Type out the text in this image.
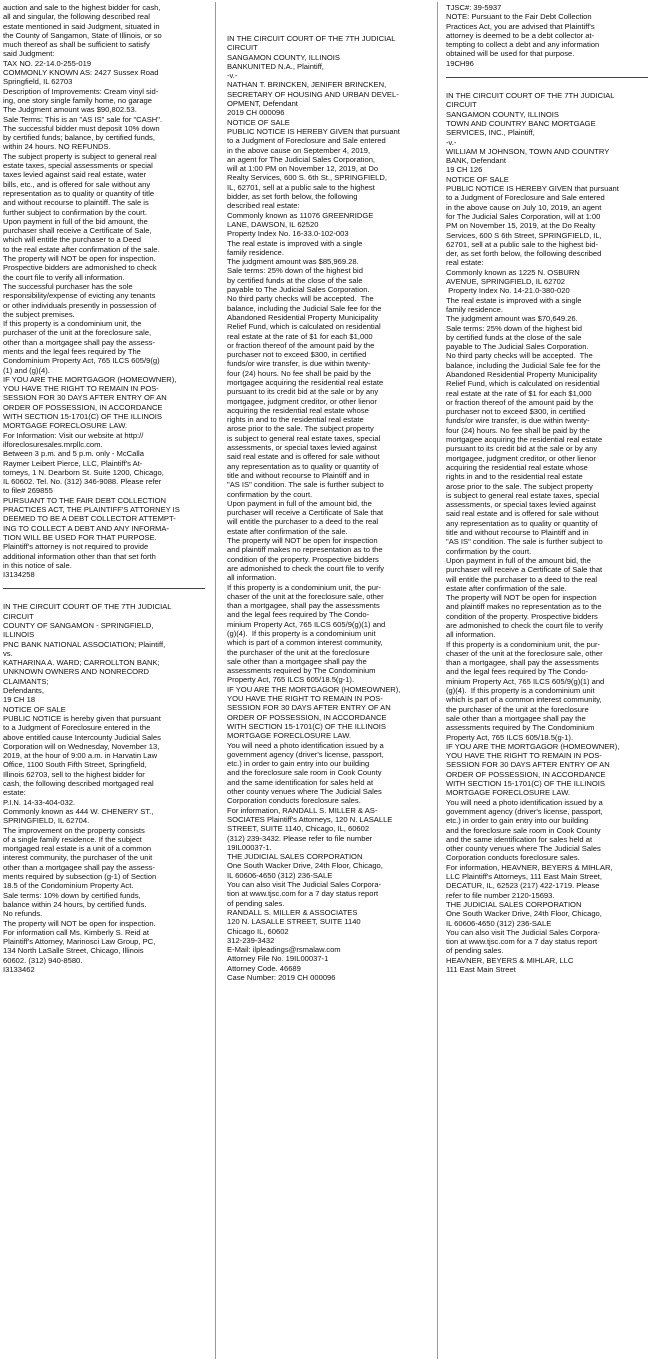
auction and sale to the highest bidder for cash,

all and singular, the following described real

estate mentioned in said Judgment, situated in

the County of Sangamon, State of Illinois, or so

much thereof as shall be sufficient to satisfy

said Judgment:

TAX NO. 22-14.0-255-019

COMMONLY KNOWN AS: 2427 Sussex Road

Springfield, IL 62703

Description of Improvements: Cream vinyl sid-

ing, one story single family home, no garage

The Judgment amount was $90,802.53.

Sale Terms: This is an "AS IS" sale for "CASH".

The successful bidder must deposit 10% down

by certified funds; balance, by certified funds,

within 24 hours. NO REFUNDS.

The subject property is subject to general real

estate taxes, special assessments or special

taxes levied against said real estate, water

bills, etc., and is offered for sale without any

representation as to quality or quantity of title

and without recourse to plaintiff. The sale is

further subject to confirmation by the court.

Upon payment in full of the bid amount, the

purchaser shall receive a Certificate of Sale,

which will entitle the purchaser to a Deed

to the real estate after confirmation of the sale.

The property will NOT be open for inspection.

Prospective bidders are admonished to check

the court file to verify all information.

The successful purchaser has the sole

responsibility/expense of evicting any tenants

or other individuals presently in possession of

the subject premises.

If this property is a condominium unit, the

purchaser of the unit at the foreclosure sale,

other than a mortgagee shall pay the assess-

ments and the legal fees required by The

Condominium Property Act, 765 ILCS 605/9(g)

(1) and (g)(4).

IF YOU ARE THE MORTGAGOR (HOMEOWNER),

YOU HAVE THE RIGHT TO REMAIN IN POS-

SESSION FOR 30 DAYS AFTER ENTRY OF AN

ORDER OF POSSESSION, IN ACCORDANCE

WITH SECTION 15-1701(C) OF THE ILLINOIS

MORTGAGE FORECLOSURE LAW.

For Information: Visit our website at http://

ilforeclosuresales.mrpllc.com.

Between 3 p.m. and 5 p.m. only - McCalla

Raymer Leibert Pierce, LLC, Plaintiff's At-

torneys, 1 N. Dearborn St. Suite 1200, Chicago,

IL 60602. Tel. No. (312) 346-9088. Please refer

to file# 269855

PURSUANT TO THE FAIR DEBT COLLECTION

PRACTICES ACT, THE PLAINTIFF'S ATTORNEY IS

DEEMED TO BE A DEBT COLLECTOR ATTEMPT-

ING TO COLLECT A DEBT AND ANY INFORMA-

TION WILL BE USED FOR THAT PURPOSE.

Plaintiff's attorney is not required to provide

additional information other than that set forth

in this notice of sale.

I3134258

IN THE CIRCUIT COURT OF THE 7TH JUDICIAL

CIRCUIT

COUNTY OF SANGAMON - SPRINGFIELD,

ILLINOIS

PNC BANK NATIONAL ASSOCIATION; Plaintiff,

vs.

KATHARINA A. WARD; CARROLLTON BANK;

UNKNOWN OWNERS AND NONRECORD

CLAIMANTS;

Defendants,

19 CH 18

NOTICE OF SALE

PUBLIC NOTICE is hereby given that pursuant

to a Judgment of Foreclosure entered in the

above entitled cause Intercounty Judicial Sales

Corporation will on Wednesday, November 13,

2019, at the hour of 9:00 a.m. in Harvatin Law

Office, 1100 South Fifth Street, Springfield,

Illinois 62703, sell to the highest bidder for

cash, the following described mortgaged real

estate:

P.I.N. 14-33-404-032.

Commonly known as 444 W. CHENERY ST.,

SPRINGFIELD, IL 62704.

The improvement on the property consists

of a single family residence. If the subject

mortgaged real estate is a unit of a common

interest community, the purchaser of the unit

other than a mortgagee shall pay the assess-

ments required by subsection (g-1) of Section

18.5 of the Condominium Property Act.

Sale terms: 10% down by certified funds,

balance within 24 hours, by certified funds.

No refunds.

The property will NOT be open for inspection.

For information call Ms. Kimberly S. Reid at

Plaintiff's Attorney, Marinosci Law Group, PC,

134 North LaSalle Street, Chicago, Illinois

60602. (312) 940-8580.

I3133462

IN THE CIRCUIT COURT OF THE 7TH JUDICIAL

CIRCUIT

SANGAMON COUNTY, ILLINOIS

BANKUNITED N.A., Plaintiff,

-v.-

NATHAN T. BRINCKEN, JENIFER BRINCKEN,

SECRETARY OF HOUSING AND URBAN DEVEL-

OPMENT, Defendant

2019 CH 000096

NOTICE OF SALE

PUBLIC NOTICE IS HEREBY GIVEN that pursuant

to a Judgment of Foreclosure and Sale entered

in the above cause on September 4, 2019,

an agent for The Judicial Sales Corporation,

will at 1:00 PM on November 12, 2019, at Do

Realty Services, 600 S. 6th St., SPRINGFIELD,

IL, 62701, sell at a public sale to the highest

bidder, as set forth below, the following

described real estate:

Commonly known as 11076 GREENRIDGE

LANE, DAWSON, IL 62520

Property Index No. 16-33.0-102-003

The real estate is improved with a single

family residence.

The judgment amount was $85,969.28.

Sale terms: 25% down of the highest bid

by certified funds at the close of the sale

payable to The Judicial Sales Corporation.

No third party checks will be accepted.  The

balance, including the Judicial Sale fee for the

Abandoned Residential Property Municipality

Relief Fund, which is calculated on residential

real estate at the rate of $1 for each $1,000

or fraction thereof of the amount paid by the

purchaser not to exceed $300, in certified

funds/or wire transfer, is due within twenty-

four (24) hours. No fee shall be paid by the

mortgagee acquiring the residential real estate

pursuant to its credit bid at the sale or by any

mortgagee, judgment creditor, or other lienor

acquiring the residential real estate whose

rights in and to the residential real estate

arose prior to the sale. The subject property

is subject to general real estate taxes, special

assessments, or special taxes levied against

said real estate and is offered for sale without

any representation as to quality or quantity of

title and without recourse to Plaintiff and in

"AS IS" condition. The sale is further subject to

confirmation by the court.

Upon payment in full of the amount bid, the

purchaser will receive a Certificate of Sale that

will entitle the purchaser to a deed to the real

estate after confirmation of the sale.

The property will NOT be open for inspection

and plaintiff makes no representation as to the

condition of the property. Prospective bidders

are admonished to check the court file to verify

all information.

If this property is a condominium unit, the pur-

chaser of the unit at the foreclosure sale, other

than a mortgagee, shall pay the assessments

and the legal fees required by The Condo-

minium Property Act, 765 ILCS 605/9(g)(1) and

(g)(4).  If this property is a condominium unit

which is part of a common interest community,

the purchaser of the unit at the foreclosure

sale other than a mortgagee shall pay the

assessments required by The Condominium

Property Act, 765 ILCS 605/18.5(g-1).

IF YOU ARE THE MORTGAGOR (HOMEOWNER),

YOU HAVE THE RIGHT TO REMAIN IN POS-

SESSION FOR 30 DAYS AFTER ENTRY OF AN

ORDER OF POSSESSION, IN ACCORDANCE

WITH SECTION 15-1701(C) OF THE ILLINOIS

MORTGAGE FORECLOSURE LAW.

You will need a photo identification issued by a

government agency (driver's license, passport,

etc.) in order to gain entry into our building

and the foreclosure sale room in Cook County

and the same identification for sales held at

other county venues where The Judicial Sales

Corporation conducts foreclosure sales.

For information, RANDALL S. MILLER & AS-

SOCIATES Plaintiff's Attorneys, 120 N. LASALLE

STREET, SUITE 1140, Chicago, IL, 60602

(312) 239-3432. Please refer to file number

19IL00037-1.

THE JUDICIAL SALES CORPORATION

One South Wacker Drive, 24th Floor, Chicago,

IL 60606-4650 (312) 236-SALE

You can also visit The Judicial Sales Corpora-

tion at www.tjsc.com for a 7 day status report

of pending sales.

RANDALL S. MILLER & ASSOCIATES

120 N. LASALLE STREET, SUITE 1140

Chicago IL, 60602

312-239-3432

E-Mail: ilpleadings@rsmalaw.com

Attorney File No. 19IL00037-1

Attorney Code. 46689

Case Number: 2019 CH 000096

TJSC#: 39-5937

NOTE: Pursuant to the Fair Debt Collection

Practices Act, you are advised that Plaintiff's

attorney is deemed to be a debt collector at-

tempting to collect a debt and any information

obtained will be used for that purpose.

19CH96

IN THE CIRCUIT COURT OF THE 7TH JUDICIAL

CIRCUIT

SANGAMON COUNTY, ILLINOIS

TOWN AND COUNTRY BANC MORTGAGE

SERVICES, INC., Plaintiff,

-v.-

WILLIAM M JOHNSON, TOWN AND COUNTRY

BANK, Defendant

19 CH 126

NOTICE OF SALE

PUBLIC NOTICE IS HEREBY GIVEN that pursuant

to a Judgment of Foreclosure and Sale entered

in the above cause on July 10, 2019, an agent

for The Judicial Sales Corporation, will at 1:00

PM on November 15, 2019, at the Do Realty

Services, 600 S 6th Street, SPRINGFIELD, IL,

62701, sell at a public sale to the highest bid-

der, as set forth below, the following described

real estate:

Commonly known as 1225 N. OSBURN

AVENUE, SPRINGFIELD, IL 62702

Property Index No. 14-21.0-380-020

The real estate is improved with a single

family residence.

The judgment amount was $70,649.26.

Sale terms: 25% down of the highest bid

by certified funds at the close of the sale

payable to The Judicial Sales Corporation.

No third party checks will be accepted.  The

balance, including the Judicial Sale fee for the

Abandoned Residential Property Municipality

Relief Fund, which is calculated on residential

real estate at the rate of $1 for each $1,000

or fraction thereof of the amount paid by the

purchaser not to exceed $300, in certified

funds/or wire transfer, is due within twenty-

four (24) hours. No fee shall be paid by the

mortgagee acquiring the residential real estate

pursuant to its credit bid at the sale or by any

mortgagee, judgment creditor, or other lienor

acquiring the residential real estate whose

rights in and to the residential real estate

arose prior to the sale. The subject property

is subject to general real estate taxes, special

assessments, or special taxes levied against

said real estate and is offered for sale without

any representation as to quality or quantity of

title and without recourse to Plaintiff and in

"AS IS" condition. The sale is further subject to

confirmation by the court.

Upon payment in full of the amount bid, the

purchaser will receive a Certificate of Sale that

will entitle the purchaser to a deed to the real

estate after confirmation of the sale.

The property will NOT be open for inspection

and plaintiff makes no representation as to the

condition of the property. Prospective bidders

are admonished to check the court file to verify

all information.

If this property is a condominium unit, the pur-

chaser of the unit at the foreclosure sale, other

than a mortgagee, shall pay the assessments

and the legal fees required by The Condo-

minium Property Act, 765 ILCS 605/9(g)(1) and

(g)(4).  If this property is a condominium unit

which is part of a common interest community,

the purchaser of the unit at the foreclosure

sale other than a mortgagee shall pay the

assessments required by The Condominium

Property Act, 765 ILCS 605/18.5(g-1).

IF YOU ARE THE MORTGAGOR (HOMEOWNER),

YOU HAVE THE RIGHT TO REMAIN IN POS-

SESSION FOR 30 DAYS AFTER ENTRY OF AN

ORDER OF POSSESSION, IN ACCORDANCE

WITH SECTION 15-1701(C) OF THE ILLINOIS

MORTGAGE FORECLOSURE LAW.

You will need a photo identification issued by a

government agency (driver's license, passport,

etc.) in order to gain entry into our building

and the foreclosure sale room in Cook County

and the same identification for sales held at

other county venues where The Judicial Sales

Corporation conducts foreclosure sales.

For information, HEAVNER, BEYERS & MIHLAR,

LLC Plaintiff's Attorneys, 111 East Main Street,

DECATUR, IL, 62523 (217) 422-1719. Please

refer to file number 2120-15693.

THE JUDICIAL SALES CORPORATION

One South Wacker Drive, 24th Floor, Chicago,

IL 60606-4650 (312) 236-SALE

You can also visit The Judicial Sales Corpora-

tion at www.tjsc.com for a 7 day status report

of pending sales.

HEAVNER, BEYERS & MIHLAR, LLC

111 East Main Street
